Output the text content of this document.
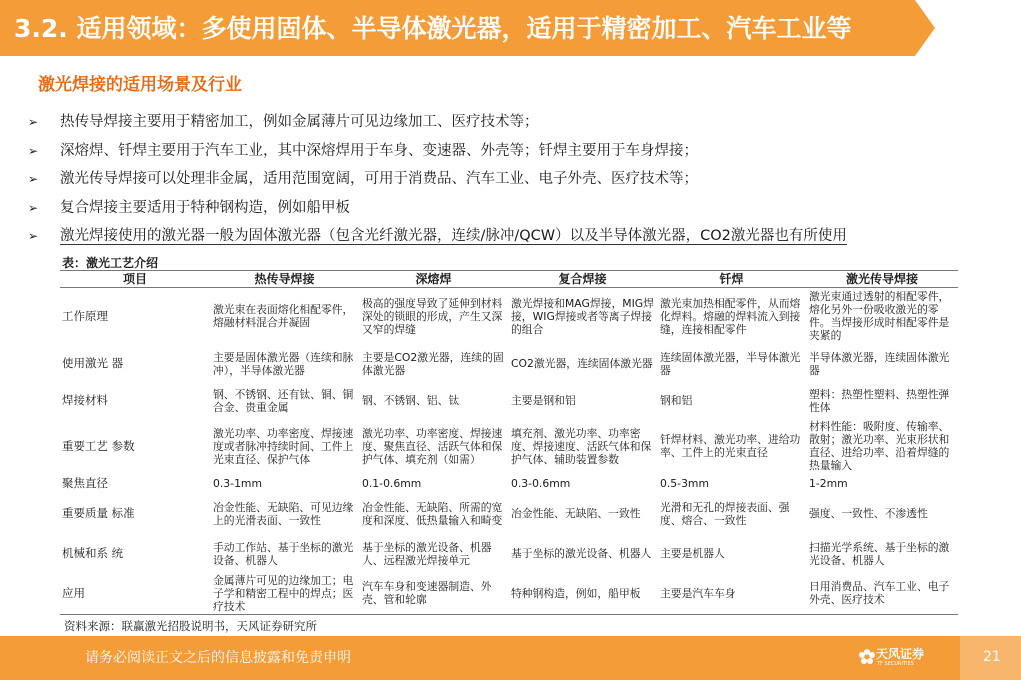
3.2. 适用领域：多使用固体、半导体激光器，适用于精密加工、汽车工业等
激光焊接的适用场景及行业
➢ 热传导焊接主要用于精密加工，例如金属薄片可见边缘加工、医疗技术等；
➢ 深熔焊、钎焊主要用于汽车工业，其中深熔焊用于车身、变速器、外壳等；钎焊主要用于车身焊接；
➢ 激光传导焊接可以处理非金属，适用范围宽阔，可用于消费品、汽车工业、电子外壳、医疗技术等；
➢ 复合焊接主要适用于特种钢构造，例如船甲板
➢ 激光焊接使用的激光器一般为固体激光器（包含光纤激光器，连续/脉冲/QCW）以及半导体激光器，CO2激光器也有所使用
表：激光工艺介绍
项目	热传导焊接	深熔焊	复合焊接	钎焊	激光传导焊接
工作原理	激光束在表面熔化相配零件，熔融材料混合并凝固	极高的强度导致了延伸到材料深处的锁眼的形成，产生又深又窄的焊缝	激光焊接和MAG焊接，MIG焊接，WIG焊接或者等离子焊接的组合	激光束加热相配零件，从而熔化焊料。熔融的焊料流入到接缝，连接相配零件	激光束通过透射的相配零件，熔化另外一份吸收激光的零件。当焊接形成时相配零件是夹紧的
使用激光 器	主要是固体激光器（连续和脉冲），半导体激光器	主要是CO2激光器，连续的固体激光器	CO2激光器，连续固体激光器	连续固体激光器，半导体激光器	半导体激光器，连续固体激光器
焊接材料	钢、不锈钢、还有钛、铜、铜合金、贵重金属	钢、不锈钢、铝、钛	主要是钢和铝	钢和铝	塑料：热塑性塑料、热塑性弹性体
重要工艺 参数	激光功率、功率密度、焊接速度或者脉冲持续时间、工件上光束直径、保护气体	激光功率、功率密度、焊接速度、聚焦直径、活跃气体和保护气体、填充剂（如需）	填充剂、激光功率、功率密度、焊接速度、活跃气体和保护气体、辅助装置参数	钎焊材料、激光功率、进给功率、工件上的光束直径	材料性能：吸附度、传输率、散射；激光功率、光束形状和直径、进给功率、沿着焊缝的热量输入
聚焦直径	0.3-1mm	0.1-0.6mm	0.3-0.6mm	0.5-3mm	1-2mm
重要质量 标准	冶金性能、无缺陷、可见边缘上的光滑表面、一致性	冶金性能、无缺陷、所需的宽度和深度、低热量输入和畸变	冶金性能、无缺陷、一致性	光滑和无孔的焊接表面、强度、熔合、一致性	强度、一致性、不渗透性
机械和系 统	手动工作站、基于坐标的激光设备、机器人	基于坐标的激光设备、机器人、远程激光焊接单元	基于坐标的激光设备、机器人	主要是机器人	扫描光学系统、基于坐标的激光设备、机器人
应用	金属薄片可见的边缘加工；电子学和精密工程中的焊点；医疗技术	汽车车身和变速器制造、外壳、管和轮廓	特种钢构造，例如，船甲板	主要是汽车车身	日用消费品、汽车工业、电子外壳、医疗技术
资料来源：联赢激光招股说明书，天风证券研究所
请务必阅读正文之后的信息披露和免责申明	天风证券
TF SECURITIES	21
